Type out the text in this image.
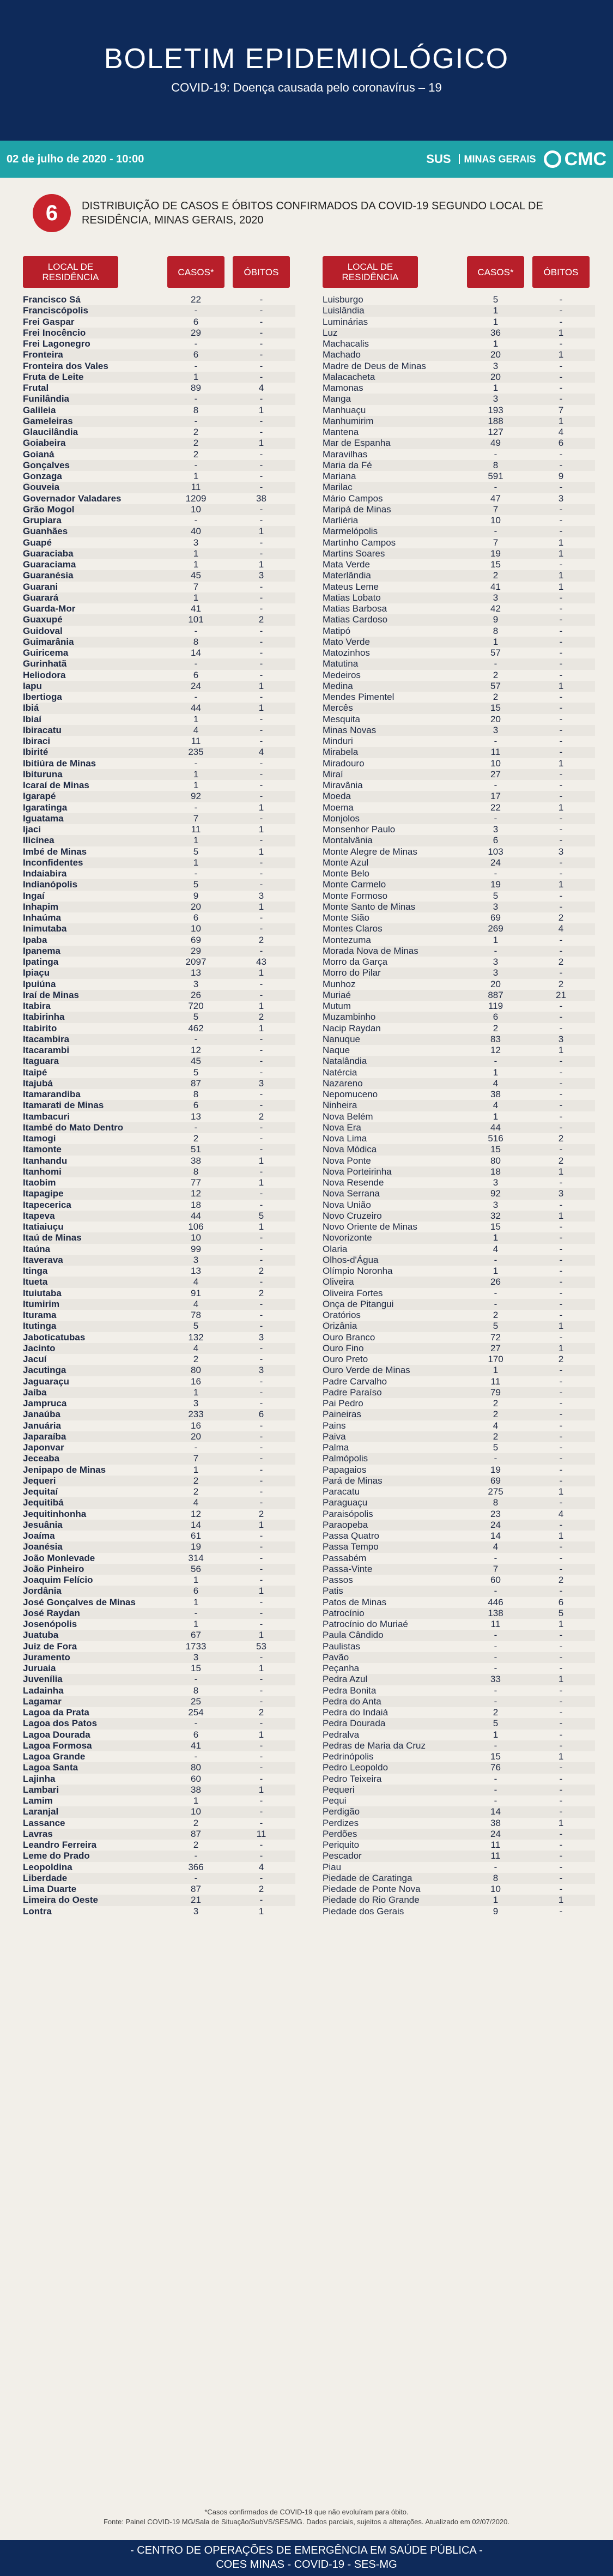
BOLETIM EPIDEMIOLÓGICO
COVID-19: Doença causada pelo coronavírus – 19
02 de julho de 2020 - 10:00	SUS	MINAS GERAIS CMC
6	DISTRIBUIÇÃO DE CASOS E ÓBITOS CONFIRMADOS DA COVID-19 SEGUNDO LOCAL DE RESIDÊNCIA, MINAS GERAIS, 2020
LOCAL DE RESIDÊNCIA	CASOS*	ÓBITOS
Francisco Sá	22	-
Franciscópolis	-	-
Frei Gaspar	6	-
Frei Inocêncio	29	-
Frei Lagonegro	-	-
Fronteira	6	-
Fronteira dos Vales	-	-
Fruta de Leite	1	-
Frutal	89	4
Funilândia	-	-
Galileia	8	1
Gameleiras	-	-
Glaucilândia	2	-
Goiabeira	2	1
Goianá	2	-
Gonçalves	-	-
Gonzaga	1	-
Gouveia	11	-
Governador Valadares	1209	38
Grão Mogol	10	-
Grupiara	-	-
Guanhães	40	1
Guapé	3	-
Guaraciaba	1	-
Guaraciama	1	1
Guaranésia	45	3
Guarani	7	-
Guarará	1	-
Guarda-Mor	41	-
Guaxupé	101	2
Guidoval	-	-
Guimarânia	8	-
Guiricema	14	-
Gurinhatã	-	-
Heliodora	6	-
Iapu	24	1
Ibertioga	-	-
Ibiá	44	1
Ibiaí	1	-
Ibiracatu	4	-
Ibiraci	11	-
Ibirité	235	4
Ibitiúra de Minas	-	-
Ibituruna	1	-
Icaraí de Minas	1	-
Igarapé	92	-
Igaratinga	-	1
Iguatama	7	-
Ijaci	11	1
Ilicínea	1	-
Imbé de Minas	5	1
Inconfidentes	1	-
Indaiabira	-	-
Indianópolis	5	-
Ingaí	9	3
Inhapim	20	1
Inhaúma	6	-
Inimutaba	10	-
Ipaba	69	2
Ipanema	29	-
Ipatinga	2097	43
Ipiaçu	13	1
Ipuiúna	3	-
Iraí de Minas	26	-
Itabira	720	1
Itabirinha	5	2
Itabirito	462	1
Itacambira	-	-
Itacarambi	12	-
Itaguara	45	-
Itaipé	5	-
Itajubá	87	3
Itamarandiba	8	-
Itamarati de Minas	6	-
Itambacuri	13	2
Itambé do Mato Dentro	-	-
Itamogi	2	-
Itamonte	51	-
Itanhandu	38	1
Itanhomi	8	-
Itaobim	77	1
Itapagipe	12	-
Itapecerica	18	-
Itapeva	44	5
Itatiaiuçu	106	1
Itaú de Minas	10	-
Itaúna	99	-
Itaverava	3	-
Itinga	13	2
Itueta	4	-
Ituiutaba	91	2
Itumirim	4	-
Iturama	78	-
Itutinga	5	-
Jaboticatubas	132	3
Jacinto	4	-
Jacuí	2	-
Jacutinga	80	3
Jaguaraçu	16	-
Jaíba	1	-
Jampruca	3	-
Janaúba	233	6
Januária	16	-
Japaraíba	20	-
Japonvar	-	-
Jeceaba	7	-
Jenipapo de Minas	1	-
Jequeri	2	-
Jequitaí	2	-
Jequitibá	4	-
Jequitinhonha	12	2
Jesuânia	14	1
Joaíma	61	-
Joanésia	19	-
João Monlevade	314	-
João Pinheiro	56	-
Joaquim Felício	1	-
Jordânia	6	1
José Gonçalves de Minas	1	-
José Raydan	-	-
Josenópolis	1	-
Juatuba	67	1
Juiz de Fora	1733	53
Juramento	3	-
Juruaia	15	1
Juvenília	-	-
Ladainha	8	-
Lagamar	25	-
Lagoa da Prata	254	2
Lagoa dos Patos	-	-
Lagoa Dourada	6	1
Lagoa Formosa	41	-
Lagoa Grande	-	-
Lagoa Santa	80	-
Lajinha	60	-
Lambari	38	1
Lamim	1	-
Laranjal	10	-
Lassance	2	-
Lavras	87	11
Leandro Ferreira	2	-
Leme do Prado	-	-
Leopoldina	366	4
Liberdade	-	-
Lima Duarte	87	2
Limeira do Oeste	21	-
Lontra	3	1
LOCAL DE RESIDÊNCIA	CASOS*	ÓBITOS
Luisburgo	5	-
Luislândia	1	-
Luminárias	1	-
Luz	36	1
Machacalis	1	-
Machado	20	1
Madre de Deus de Minas	3	-
Malacacheta	20	-
Mamonas	1	-
Manga	3	-
Manhuaçu	193	7
Manhumirim	188	1
Mantena	127	4
Mar de Espanha	49	6
Maravilhas	-	-
Maria da Fé	8	-
Mariana	591	9
Marilac	-	-
Mário Campos	47	3
Maripá de Minas	7	-
Marliéria	10	-
Marmelópolis	-	-
Martinho Campos	7	1
Martins Soares	19	1
Mata Verde	15	-
Materlândia	2	1
Mateus Leme	41	1
Matias Lobato	3	-
Matias Barbosa	42	-
Matias Cardoso	9	-
Matipó	8	-
Mato Verde	1	-
Matozinhos	57	-
Matutina	-	-
Medeiros	2	-
Medina	57	1
Mendes Pimentel	2	-
Mercês	15	-
Mesquita	20	-
Minas Novas	3	-
Minduri	-	-
Mirabela	11	-
Miradouro	10	1
Miraí	27	-
Miravânia	-	-
Moeda	17	-
Moema	22	1
Monjolos	-	-
Monsenhor Paulo	3	-
Montalvânia	6	-
Monte Alegre de Minas	103	3
Monte Azul	24	-
Monte Belo	-	-
Monte Carmelo	19	1
Monte Formoso	5	-
Monte Santo de Minas	3	-
Monte Sião	69	2
Montes Claros	269	4
Montezuma	1	-
Morada Nova de Minas	-	-
Morro da Garça	3	2
Morro do Pilar	3	-
Munhoz	20	2
Muriaé	887	21
Mutum	119	-
Muzambinho	6	-
Nacip Raydan	2	-
Nanuque	83	3
Naque	12	1
Natalândia	-	-
Natércia	1	-
Nazareno	4	-
Nepomuceno	38	-
Ninheira	4	-
Nova Belém	1	-
Nova Era	44	-
Nova Lima	516	2
Nova Módica	15	-
Nova Ponte	80	2
Nova Porteirinha	18	1
Nova Resende	3	-
Nova Serrana	92	3
Nova União	3	-
Novo Cruzeiro	32	1
Novo Oriente de Minas	15	-
Novorizonte	1	-
Olaria	4	-
Olhos-d'Água	-	-
Olímpio Noronha	1	-
Oliveira	26	-
Oliveira Fortes	-	-
Onça de Pitangui	-	-
Oratórios	2	-
Orizânia	5	1
Ouro Branco	72	-
Ouro Fino	27	1
Ouro Preto	170	2
Ouro Verde de Minas	1	-
Padre Carvalho	11	-
Padre Paraíso	79	-
Pai Pedro	2	-
Paineiras	2	-
Pains	4	-
Paiva	2	-
Palma	5	-
Palmópolis	-	-
Papagaios	19	-
Pará de Minas	69	-
Paracatu	275	1
Paraguaçu	8	-
Paraisópolis	23	4
Paraopeba	24	-
Passa Quatro	14	1
Passa Tempo	4	-
Passabém	-	-
Passa-Vinte	7	-
Passos	60	2
Patis	-	-
Patos de Minas	446	6
Patrocínio	138	5
Patrocínio do Muriaé	11	1
Paula Cândido	-	-
Paulistas	-	-
Pavão	-	-
Peçanha	-	-
Pedra Azul	33	1
Pedra Bonita	-	-
Pedra do Anta	-	-
Pedra do Indaiá	2	-
Pedra Dourada	5	-
Pedralva	1	-
Pedras de Maria da Cruz	-	-
Pedrinópolis	15	1
Pedro Leopoldo	76	-
Pedro Teixeira	-	-
Pequeri	-	-
Pequi	-	-
Perdigão	14	-
Perdizes	38	1
Perdões	24	-
Periquito	11	-
Pescador	11	-
Piau	-	-
Piedade de Caratinga	8	-
Piedade de Ponte Nova	10	-
Piedade do Rio Grande	1	1
Piedade dos Gerais	9	-
*Casos confirmados de COVID-19 que não evoluíram para óbito.
Fonte: Painel COVID-19 MG/Sala de Situação/SubVS/SES/MG. Dados parciais, sujeitos a alterações. Atualizado em 02/07/2020.
- CENTRO DE OPERAÇÕES DE EMERGÊNCIA EM SAÚDE PÚBLICA -
COES MINAS - COVID-19 - SES-MG
